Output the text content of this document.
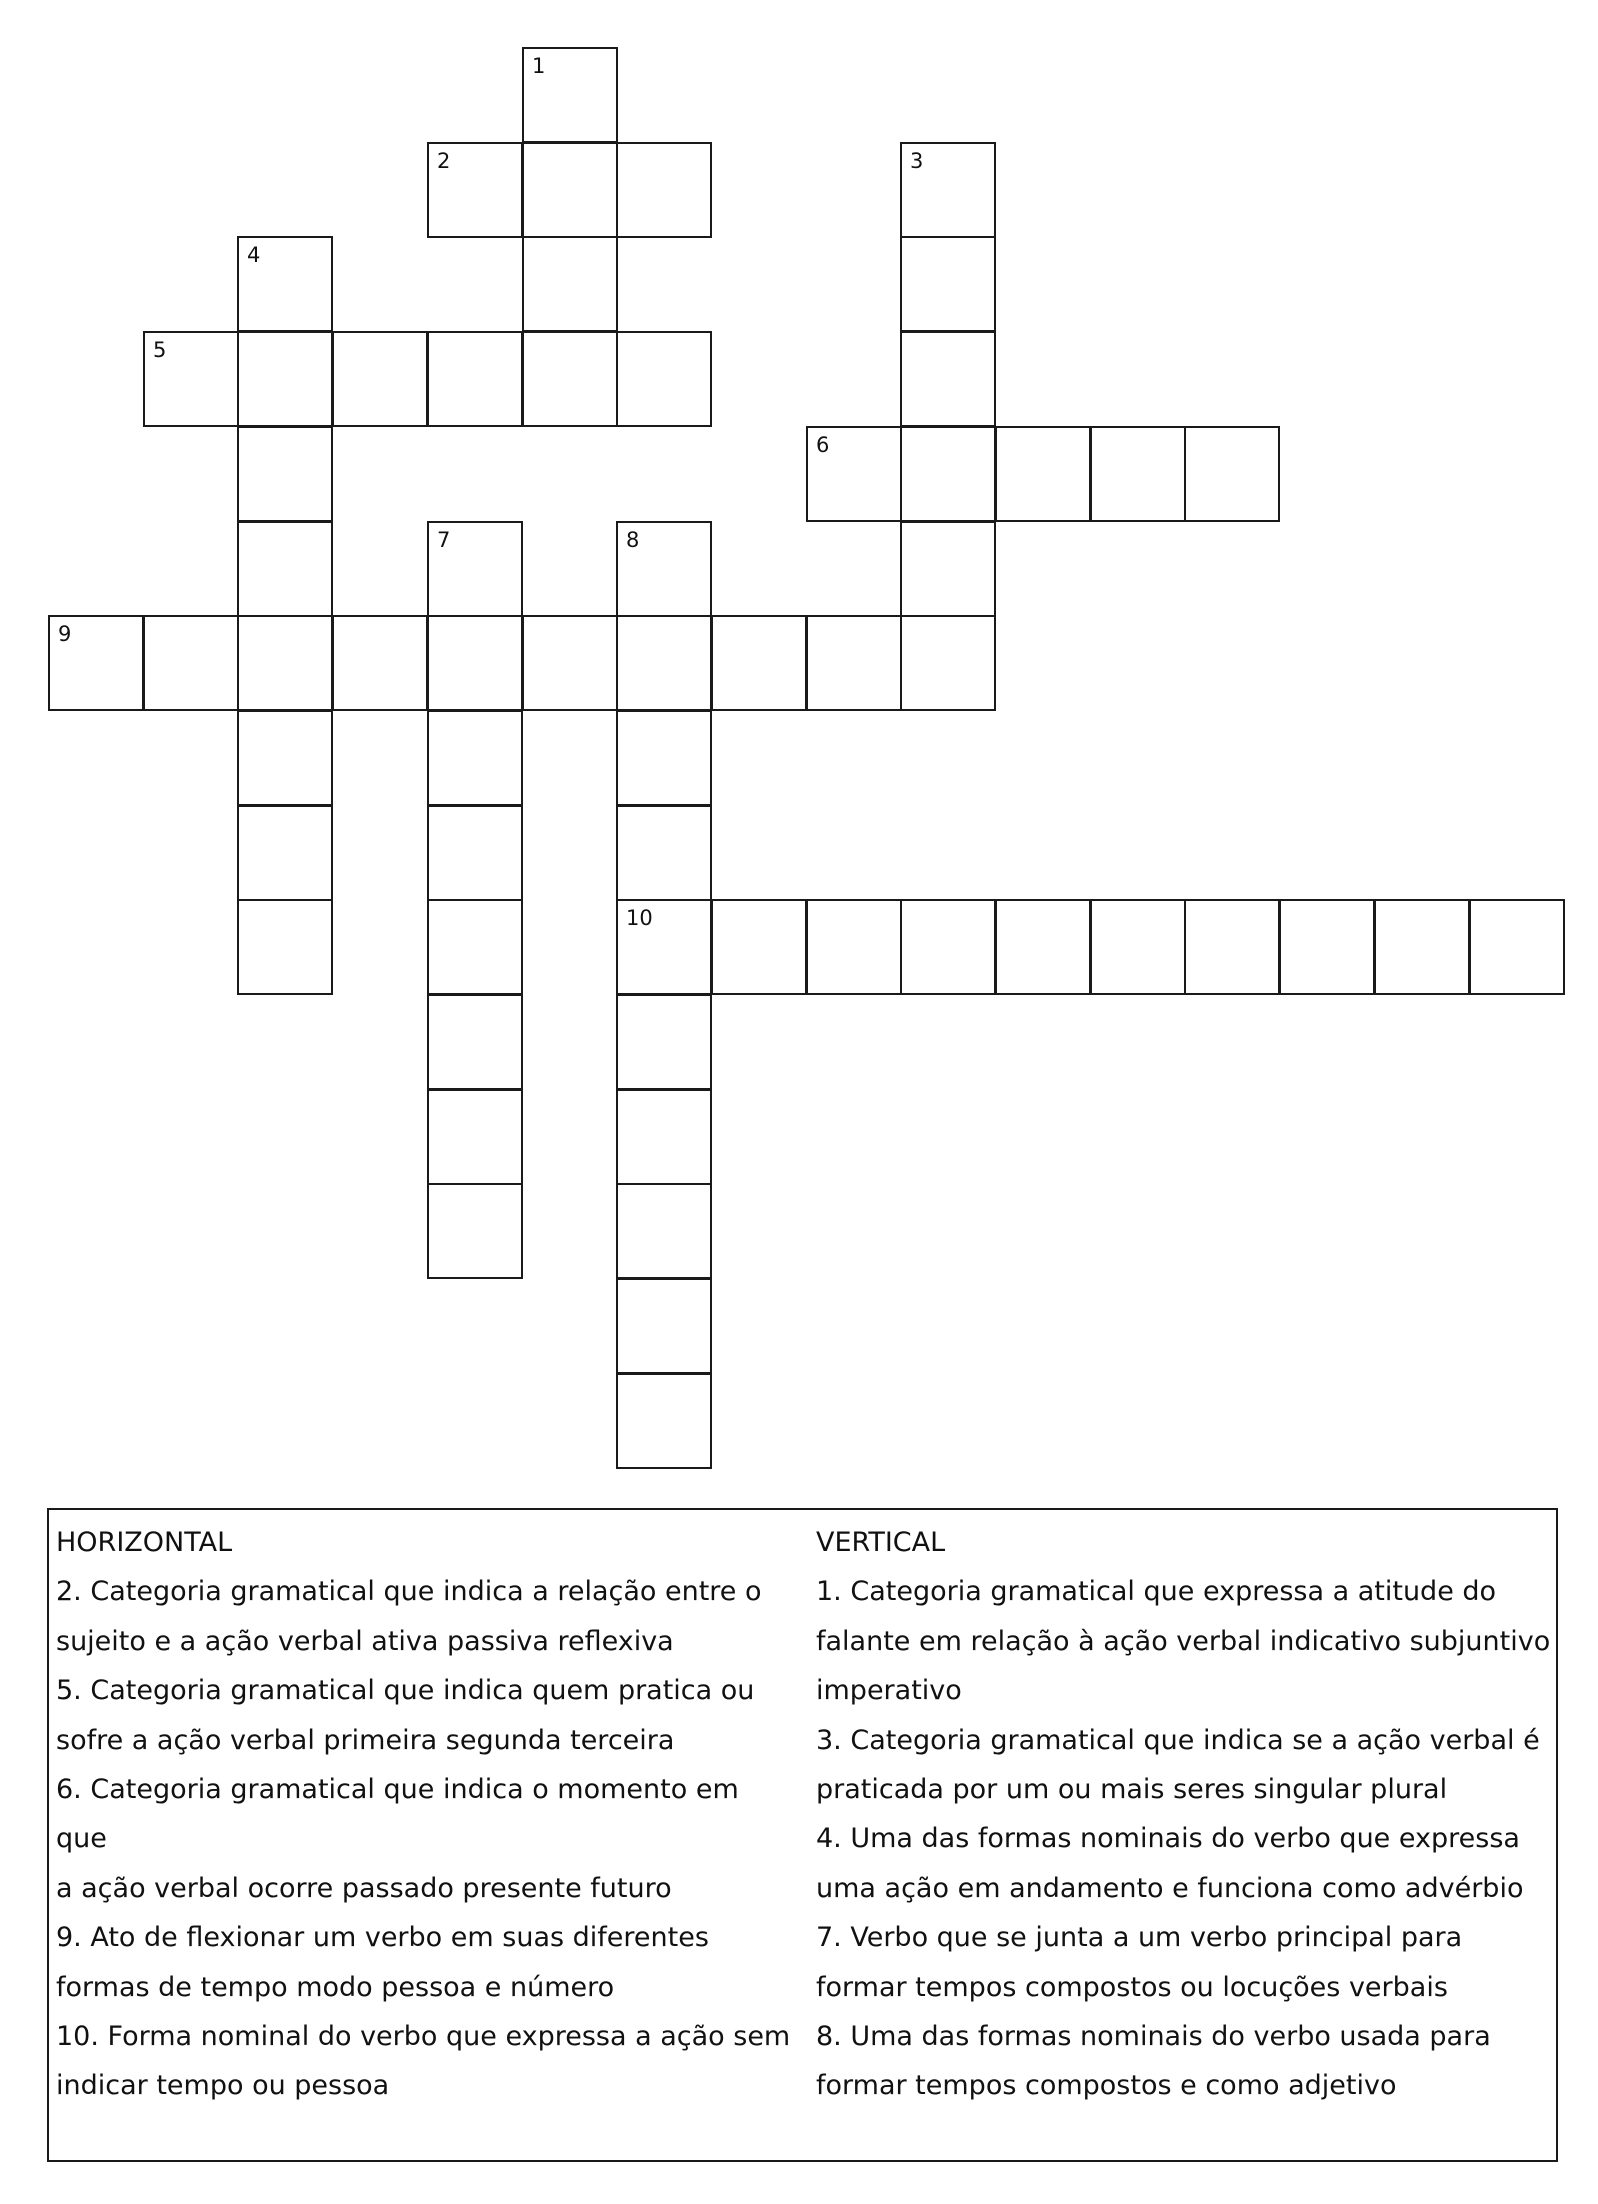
1
2	3
4
5
6
7	8
9
10
HORIZONTAL
2. Categoria gramatical que indica a relação entre o
sujeito e a ação verbal ativa passiva reflexiva
5. Categoria gramatical que indica quem pratica ou
sofre a ação verbal primeira segunda terceira
6. Categoria gramatical que indica o momento em que
a ação verbal ocorre passado presente futuro
9. Ato de flexionar um verbo em suas diferentes
formas de tempo modo pessoa e número
10. Forma nominal do verbo que expressa a ação sem
indicar tempo ou pessoa
VERTICAL
1. Categoria gramatical que expressa a atitude do
falante em relação à ação verbal indicativo subjuntivo
imperativo
3. Categoria gramatical que indica se a ação verbal é
praticada por um ou mais seres singular plural
4. Uma das formas nominais do verbo que expressa
uma ação em andamento e funciona como advérbio
7. Verbo que se junta a um verbo principal para
formar tempos compostos ou locuções verbais
8. Uma das formas nominais do verbo usada para
formar tempos compostos e como adjetivo
